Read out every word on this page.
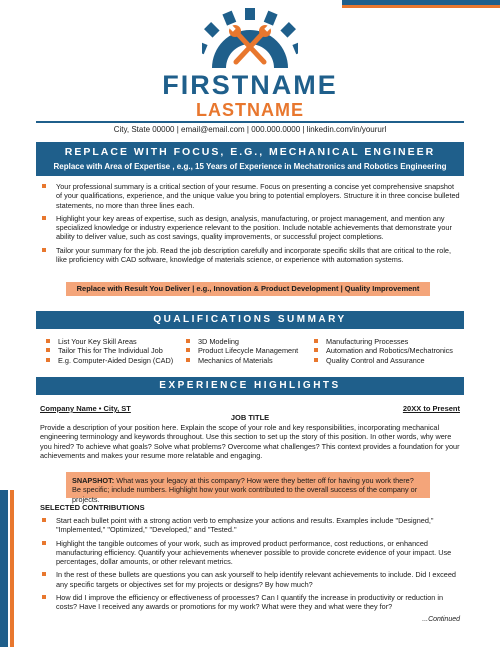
FIRSTNAME
LASTNAME
City, State 00000 | email@email.com | 000.000.0000 | linkedin.com/in/yoururl
REPLACE WITH FOCUS, E.G., MECHANICAL ENGINEER
Replace with Area of Expertise , e.g., 15 Years of Experience in Mechatronics and Robotics Engineering
Your professional summary is a critical section of your resume. Focus on presenting a concise yet comprehensive snapshot of your qualifications, experience, and the unique value you bring to potential employers. Structure it in three concise bulleted statements, no more than three lines each.
Highlight your key areas of expertise, such as design, analysis, manufacturing, or project management, and mention any specialized knowledge or industry experience relevant to the position. Include notable achievements that demonstrate your ability to deliver value, such as cost savings, quality improvements, or successful project completions.
Tailor your summary for the job. Read the job description carefully and incorporate specific skills that are critical to the role, like proficiency with CAD software, knowledge of materials science, or experience with automation systems.
Replace with Result You Deliver | e.g., Innovation & Product Development | Quality Improvement
QUALIFICATIONS SUMMARY
List Your Key Skill Areas
Tailor This for The Individual Job
E.g. Computer-Aided Design (CAD)
3D Modeling
Product Lifecycle Management
Mechanics of Materials
Manufacturing Processes
Automation and Robotics/Mechatronics
Quality Control and Assurance
EXPERIENCE HIGHLIGHTS
Company Name • City, ST	20XX to Present
JOB TITLE
Provide a description of your position here. Explain the scope of your role and key responsibilities, incorporating mechanical engineering terminology and keywords throughout. Use this section to set up the story of this position. In other words, why were you hired? To achieve what goals? Solve what problems? Overcome what challenges? This context provides a foundation for your achievements and makes your resume more relatable and engaging.
SNAPSHOT: What was your legacy at this company? How were they better off for having you work there? Be specific; include numbers. Highlight how your work contributed to the overall success of the company or projects.
SELECTED CONTRIBUTIONS
Start each bullet point with a strong action verb to emphasize your actions and results. Examples include "Designed," "Implemented," "Optimized," "Developed," and "Tested."
Highlight the tangible outcomes of your work, such as improved product performance, cost reductions, or enhanced manufacturing efficiency. Quantify your achievements whenever possible to provide concrete evidence of your impact. Use percentages, dollar amounts, or other relevant metrics.
In the rest of these bullets are questions you can ask yourself to help identify relevant achievements to include. Did I exceed any specific targets or objectives set for my projects or designs? By how much?
How did I improve the efficiency or effectiveness of processes? Can I quantify the increase in productivity or reduction in costs? Have I received any awards or promotions for my work? What were they and what were they for?
...Continued
